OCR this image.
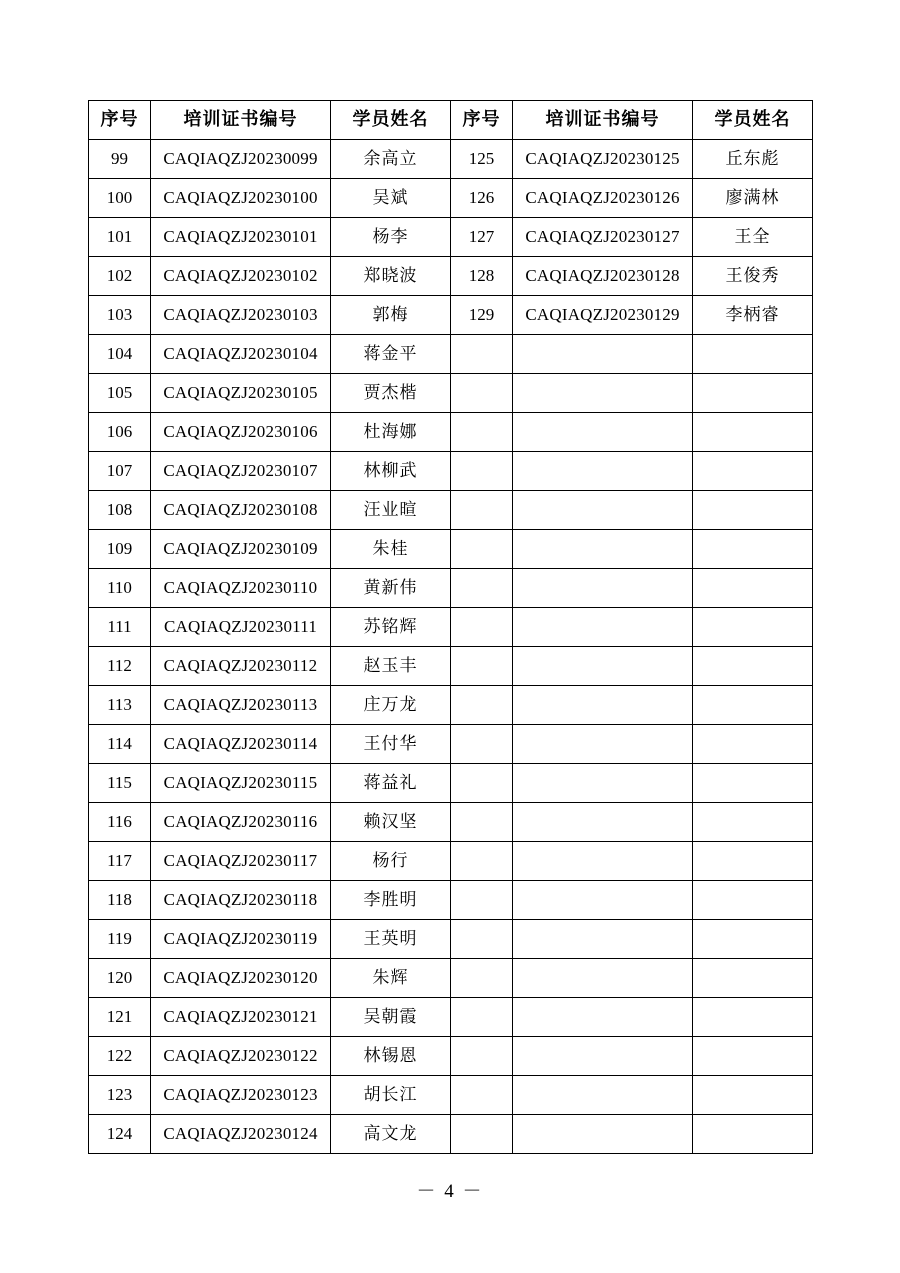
序号	培训证书编号	学员姓名	序号	培训证书编号	学员姓名
99	CAQIAQZJ20230099	余高立	125	CAQIAQZJ20230125	丘东彪
100	CAQIAQZJ20230100	吴斌	126	CAQIAQZJ20230126	廖满林
101	CAQIAQZJ20230101	杨李	127	CAQIAQZJ20230127	王全
102	CAQIAQZJ20230102	郑晓波	128	CAQIAQZJ20230128	王俊秀
103	CAQIAQZJ20230103	郭梅	129	CAQIAQZJ20230129	李柄睿
104	CAQIAQZJ20230104	蒋金平			
105	CAQIAQZJ20230105	贾杰楷			
106	CAQIAQZJ20230106	杜海娜			
107	CAQIAQZJ20230107	林柳武			
108	CAQIAQZJ20230108	汪业暄			
109	CAQIAQZJ20230109	朱桂			
110	CAQIAQZJ20230110	黄新伟			
111	CAQIAQZJ20230111	苏铭辉			
112	CAQIAQZJ20230112	赵玉丰			
113	CAQIAQZJ20230113	庄万龙			
114	CAQIAQZJ20230114	王付华			
115	CAQIAQZJ20230115	蒋益礼			
116	CAQIAQZJ20230116	赖汉坚			
117	CAQIAQZJ20230117	杨行			
118	CAQIAQZJ20230118	李胜明			
119	CAQIAQZJ20230119	王英明			
120	CAQIAQZJ20230120	朱辉			
121	CAQIAQZJ20230121	吴朝霞			
122	CAQIAQZJ20230122	林锡恩			
123	CAQIAQZJ20230123	胡长江			
124	CAQIAQZJ20230124	高文龙			
－ 4 －
